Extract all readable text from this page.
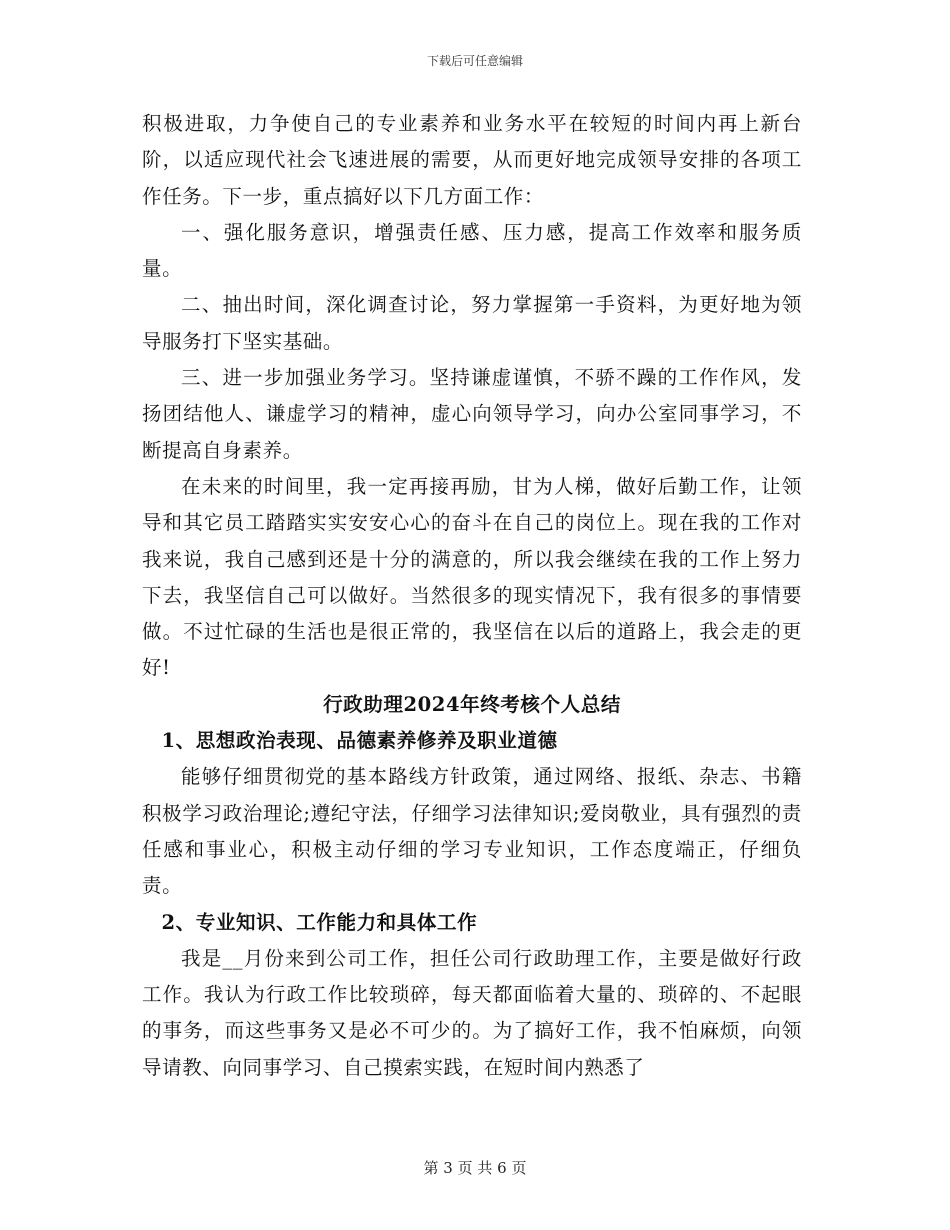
下载后可任意编辑

积极进取，力争使自己的专业素养和业务水平在较短的时间内再上新台阶，以适应现代社会飞速进展的需要，从而更好地完成领导安排的各项工作任务。下一步，重点搞好以下几方面工作：

一、强化服务意识，增强责任感、压力感，提高工作效率和服务质量。

二、抽出时间，深化调查讨论，努力掌握第一手资料，为更好地为领导服务打下坚实基础。

三、进一步加强业务学习。坚持谦虚谨慎，不骄不躁的工作作风，发扬团结他人、谦虚学习的精神，虚心向领导学习，向办公室同事学习，不断提高自身素养。

在未来的时间里，我一定再接再励，甘为人梯，做好后勤工作，让领导和其它员工踏踏实实安安心心的奋斗在自己的岗位上。现在我的工作对我来说，我自己感到还是十分的满意的，所以我会继续在我的工作上努力下去，我坚信自己可以做好。当然很多的现实情况下，我有很多的事情要做。不过忙碌的生活也是很正常的，我坚信在以后的道路上，我会走的更好!

行政助理2024年终考核个人总结

1、思想政治表现、品德素养修养及职业道德

能够仔细贯彻党的基本路线方针政策，通过网络、报纸、杂志、书籍积极学习政治理论;遵纪守法，仔细学习法律知识;爱岗敬业，具有强烈的责任感和事业心，积极主动仔细的学习专业知识，工作态度端正，仔细负责。

2、专业知识、工作能力和具体工作

我是__月份来到公司工作，担任公司行政助理工作，主要是做好行政工作。我认为行政工作比较琐碎，每天都面临着大量的、琐碎的、不起眼的事务，而这些事务又是必不可少的。为了搞好工作，我不怕麻烦，向领导请教、向同事学习、自己摸索实践，在短时间内熟悉了

第 3 页 共 6 页
